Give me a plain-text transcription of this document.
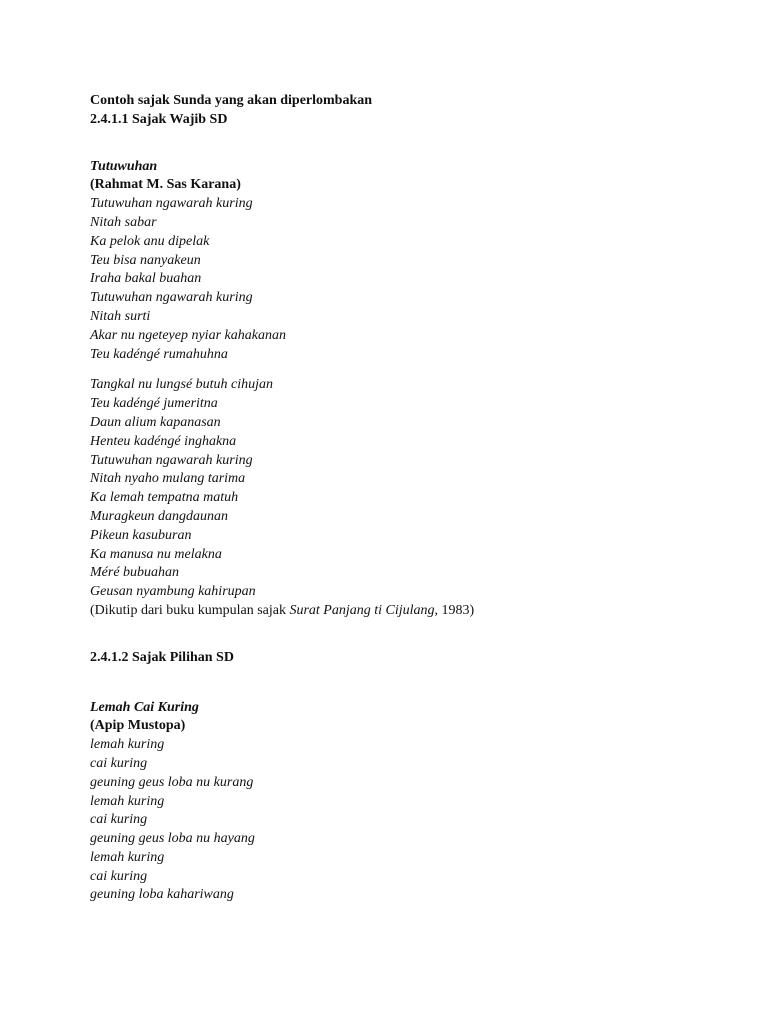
Contoh sajak Sunda yang akan diperlombakan
2.4.1.1 Sajak Wajib SD
Tutuwuhan
(Rahmat M. Sas Karana)
Tutuwuhan ngawarah kuring
Nitah sabar
Ka pelok anu dipelak
Teu bisa nanyakeun
Iraha bakal buahan
Tutuwuhan ngawarah kuring
Nitah surti
Akar nu ngeteyep nyiar kahakanan
Teu kadéngé rumahuhna
Tangkal nu lungsé butuh cihujan
Teu kadéngé jumeritna
Daun alium kapanasan
Henteu kadéngé inghakna
Tutuwuhan ngawarah kuring
Nitah nyaho mulang tarima
Ka lemah tempatna matuh
Muragkeun dangdaunan
Pikeun kasuburan
Ka manusa nu melakna
Méré bubuahan
Geusan nyambung kahirupan
(Dikutip dari buku kumpulan sajak Surat Panjang ti Cijulang, 1983)
2.4.1.2 Sajak Pilihan SD
Lemah Cai Kuring
(Apip Mustopa)
lemah kuring
cai kuring
geuning geus loba nu kurang
lemah kuring
cai kuring
geuning geus loba nu hayang
lemah kuring
cai kuring
geuning loba kahariwang
